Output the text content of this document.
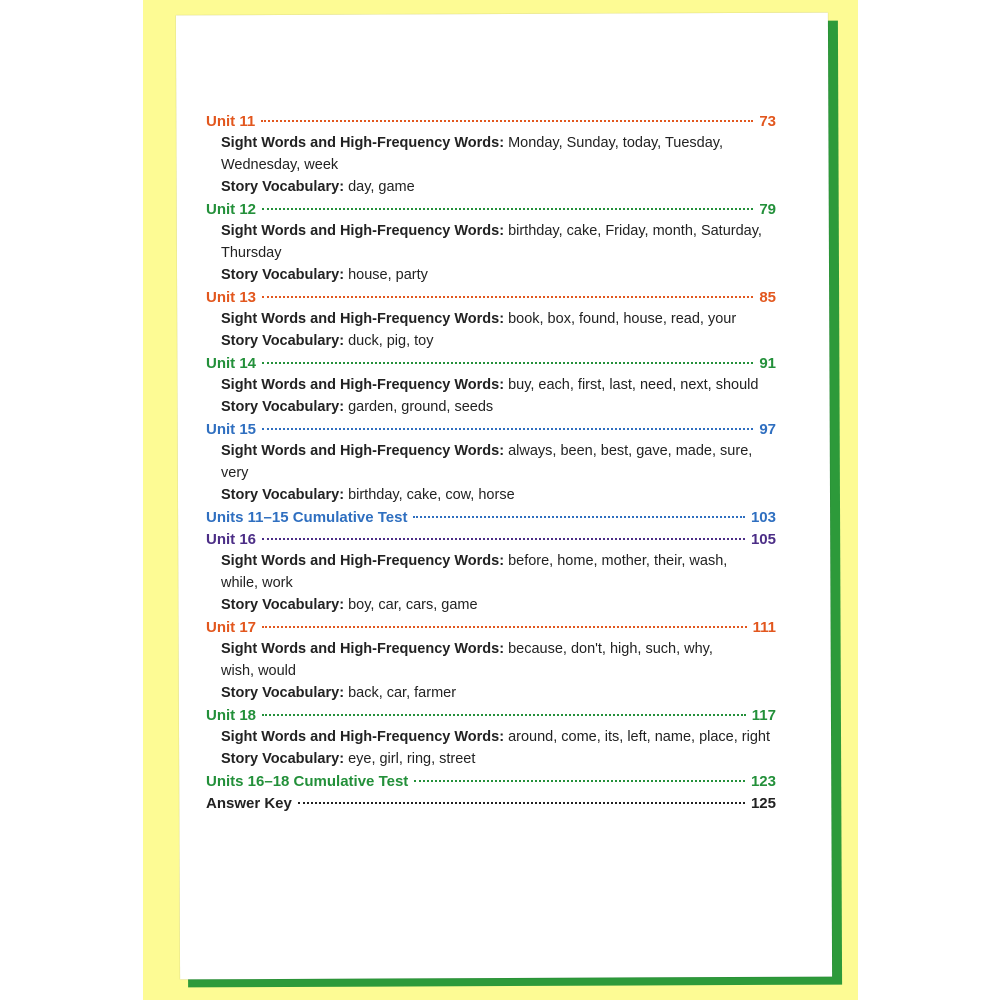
Unit 11	73
Sight Words and High-Frequency Words: Monday, Sunday, today, Tuesday,
Wednesday, week
Story Vocabulary: day, game
Unit 12	79
Sight Words and High-Frequency Words: birthday, cake, Friday, month, Saturday,
Thursday
Story Vocabulary: house, party
Unit 13	85
Sight Words and High-Frequency Words: book, box, found, house, read, your
Story Vocabulary: duck, pig, toy
Unit 14	91
Sight Words and High-Frequency Words: buy, each, first, last, need, next, should
Story Vocabulary: garden, ground, seeds
Unit 15	97
Sight Words and High-Frequency Words: always, been, best, gave, made, sure, very
Story Vocabulary: birthday, cake, cow, horse
Units 11–15 Cumulative Test	103
Unit 16	105
Sight Words and High-Frequency Words: before, home, mother, their, wash,
while, work
Story Vocabulary: boy, car, cars, game
Unit 17	111
Sight Words and High-Frequency Words: because, don't, high, such, why,
wish, would
Story Vocabulary: back, car, farmer
Unit 18	117
Sight Words and High-Frequency Words: around, come, its, left, name, place, right
Story Vocabulary: eye, girl, ring, street
Units 16–18 Cumulative Test	123
Answer Key	125
